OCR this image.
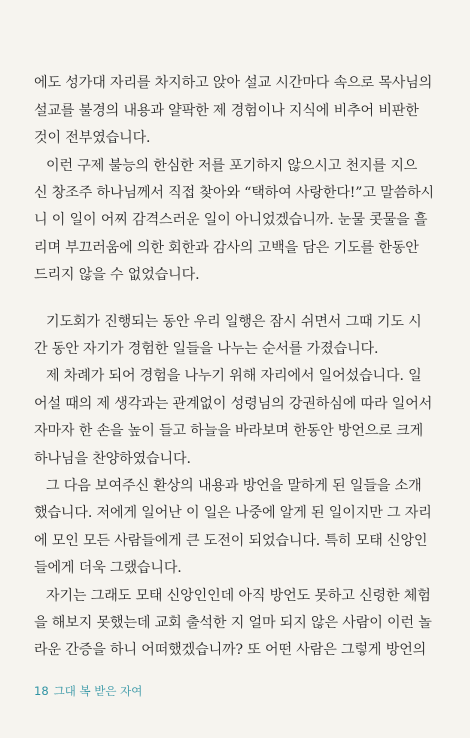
에도 성가대 자리를 차지하고 앉아 설교 시간마다 속으로 목사님의
설교를 불경의 내용과 얄팍한 제 경험이나 지식에 비추어 비판한
것이 전부였습니다.
이런 구제 불능의 한심한 저를 포기하지 않으시고 천지를 지으
신 창조주 하나님께서 직접 찾아와 “택하여 사랑한다!”고 말씀하시
니 이 일이 어찌 감격스러운 일이 아니었겠습니까. 눈물 콧물을 흘
리며 부끄러움에 의한 회한과 감사의 고백을 담은 기도를 한동안
드리지 않을 수 없었습니다.
기도회가 진행되는 동안 우리 일행은 잠시 쉬면서 그때 기도 시
간 동안 자기가 경험한 일들을 나누는 순서를 가졌습니다.
제 차례가 되어 경험을 나누기 위해 자리에서 일어섰습니다. 일
어설 때의 제 생각과는 관계없이 성령님의 강권하심에 따라 일어서
자마자 한 손을 높이 들고 하늘을 바라보며 한동안 방언으로 크게
하나님을 찬양하였습니다.
그 다음 보여주신 환상의 내용과 방언을 말하게 된 일들을 소개
했습니다. 저에게 일어난 이 일은 나중에 알게 된 일이지만 그 자리
에 모인 모든 사람들에게 큰 도전이 되었습니다. 특히 모태 신앙인
들에게 더욱 그랬습니다.
자기는 그래도 모태 신앙인인데 아직 방언도 못하고 신령한 체험
을 해보지 못했는데 교회 출석한 지 얼마 되지 않은 사람이 이런 놀
라운 간증을 하니 어떠했겠습니까? 또 어떤 사람은 그렇게 방언의
18 그대 복 받은 자여
